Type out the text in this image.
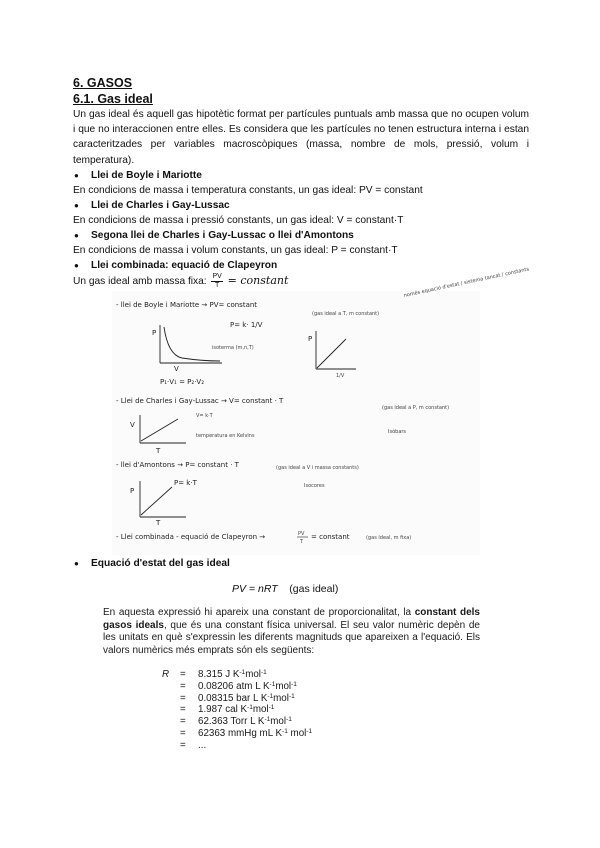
6. GASOS

6.1. Gas ideal

Un gas ideal és aquell gas hipotètic format per partícules puntuals amb massa que no ocupen volum i que no interaccionen entre elles. Es considera que les partícules no tenen estructura interna i estan caracteritzades per variables macroscòpiques (massa, nombre de mols, pressió, volum i temperatura).

● Llei de Boyle i Mariotte

En condicions de massa i temperatura constants, un gas ideal: PV = constant

● Llei de Charles i Gay-Lussac

En condicions de massa i pressió constants, un gas ideal: V = constant·T

● Segona llei de Charles i Gay-Lussac o llei d'Amontons

En condicions de massa i volum constants, un gas ideal: P = constant·T

● Llei combinada: equació de Clapeyron

Un gas ideal amb massa fixa: $\frac{PV}{T}$ = constant	només equació d'estat / sistema tancat / constants
- llei de Boyle i Mariotte → PV= constant
(gas ideal a T, m constant)
P= k· 1/V
P
V
isoterma (m,n,T)
P₁·V₁ = P₂·V₂
P
1/V
- Llei de Charles i Gay-Lussac → V= constant · T
(gas ideal a P, m constant)
V= k·T
V
T
temperatura en Kelvins
Isòbars
- llei d'Amontons → P= constant · T	(gas ideal a V i massa constants)
P= k·T
P
T
Isocores
- Llei combinada - equació de Clapeyron →	PV
T
= constant	(gas ideal, m fixa)
● Equació d'estat del gas ideal
PV = nRT (gas ideal)
En aquesta expressió hi apareix una constant de proporcionalitat, la constant dels gasos ideals, que és una constant física universal. El seu valor numèric depèn de les unitats en què s'expressin les diferents magnituds que apareixen a l'equació. Els valors numèrics més emprats són els següents:
R	=	8.315 J $K^{-1}mol^{-1}$
=	0.08206 atm L $K^{-1}mol^{-1}$
=	0.08315 bar L $K^{-1}mol^{-1}$
=	1.987 cal $K^{-1}mol^{-1}$
=	62.363 Torr L $K^{-1}mol^{-1}$
=	62363 mmHg mL $K^{-1}$ mol$^{-1}$
=	...
